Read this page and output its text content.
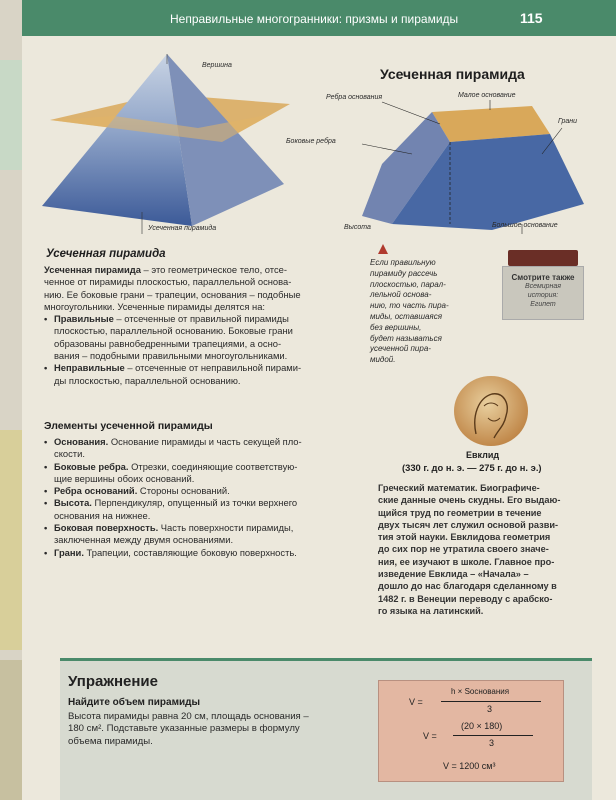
Неправильные многогранники: призмы и пирамиды	115
Вершина
Усеченная пирамида
Усеченная пирамида
Ребра основания	Малое основание
Грани
Боковые ребра
Высота	Большое основание
Усеченная пирамида
Усеченная пирамида – это геометрическое тело, отсе-
ченное от пирамиды плоскостью, параллельной основа-
нию. Ее боковые грани – трапеции, основания – подобные
многоугольники. Усеченные пирамиды делятся на:
• Правильные – отсеченные от правильной пирамиды
плоскостью, параллельной основанию. Боковые грани
образованы равнобедренными трапециями, а осно-
вания – подобными правильными многоугольниками.
• Неправильные – отсеченные от неправильной пирами-
ды плоскостью, параллельной основанию.
Если правильную
пирамиду рассечь
плоскостью, парал-
лельной основа-
нию, то часть пира-
миды, оставшаяся
без вершины,
будет называться
усеченной пира-
мидой.
Смотрите также
Всемирная
история:
Египет
Элементы усеченной пирамиды
• Основания. Основание пирамиды и часть секущей пло-
скости.
• Боковые ребра. Отрезки, соединяющие соответствую-
щие вершины обоих оснований.
• Ребра оснований. Стороны оснований.
• Высота. Перпендикуляр, опущенный из точки верхнего
основания на нижнее.
• Боковая поверхность. Часть поверхности пирамиды,
заключенная между двумя основаниями.
• Грани. Трапеции, составляющие боковую поверхность.
Евклид
(330 г. до н. э. — 275 г. до н. э.)
Греческий математик. Биографиче-
ские данные очень скудны. Его выдаю-
щийся труд по геометрии в течение
двух тысяч лет служил основой разви-
тия этой науки. Евклидова геометрия
до сих пор не утратила своего значе-
ния, ее изучают в школе. Главное про-
изведение Евклида – «Начала» –
дошло до нас благодаря сделанному в
1482 г. в Венеции переводу с арабско-
го языка на латинский.
Упражнение
Найдите объем пирамиды
Высота пирамиды равна 20 см, площадь основания –
180 см². Подставьте указанные размеры в формулу
объема пирамиды.
V =
h × Sоснования
3
V =
(20 × 180)
3
V = 1200 см³
